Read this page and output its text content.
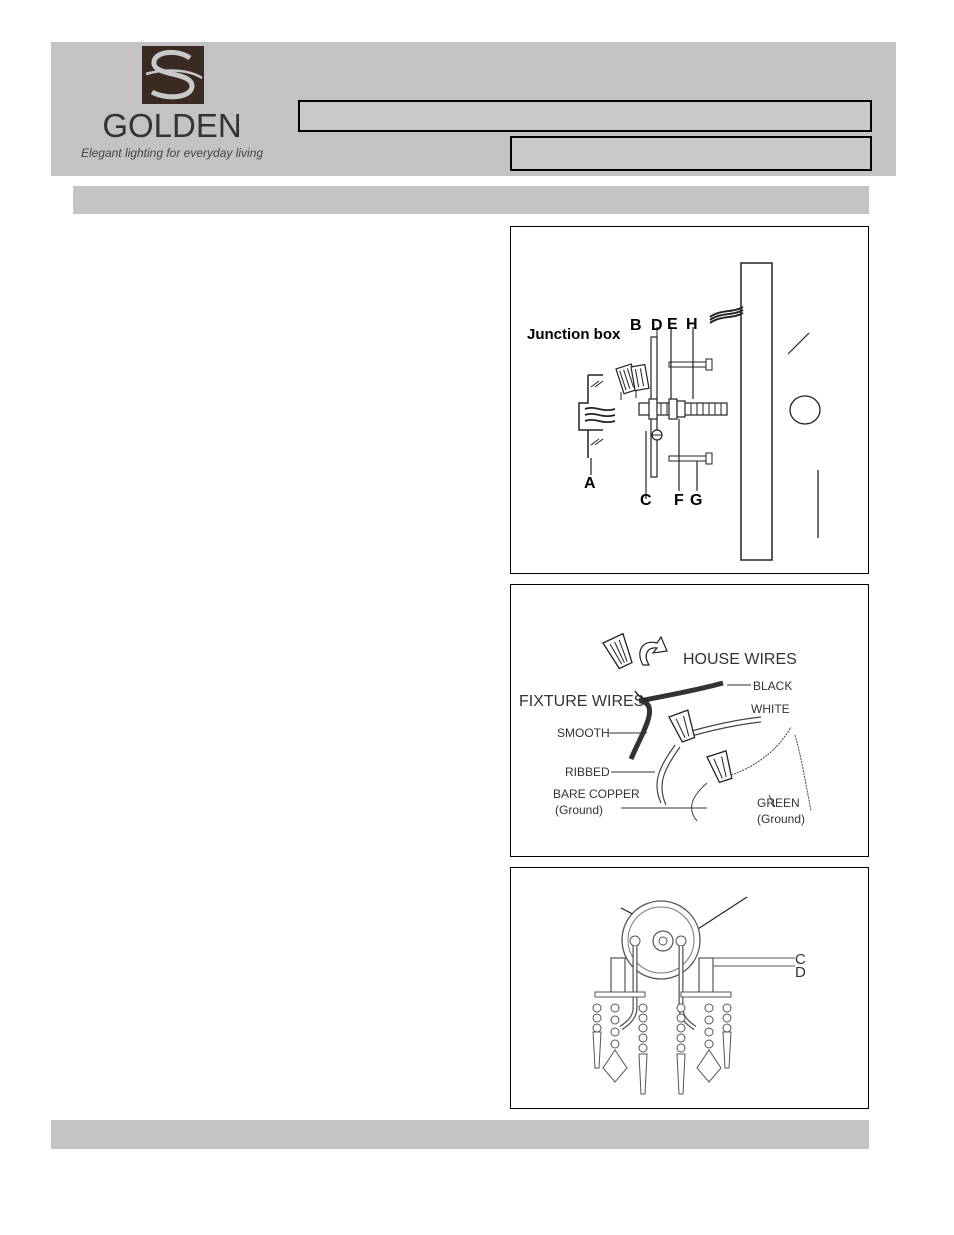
GOLDEN
Elegant lighting for everyday living
Junction box
A
B
C
D E
F G
H
HOUSE WIRES
FIXTURE WIRES
BLACK
WHITE
SMOOTH
RIBBED
BARE COPPER
(Ground)	GREEN
(Ground)
C
D
